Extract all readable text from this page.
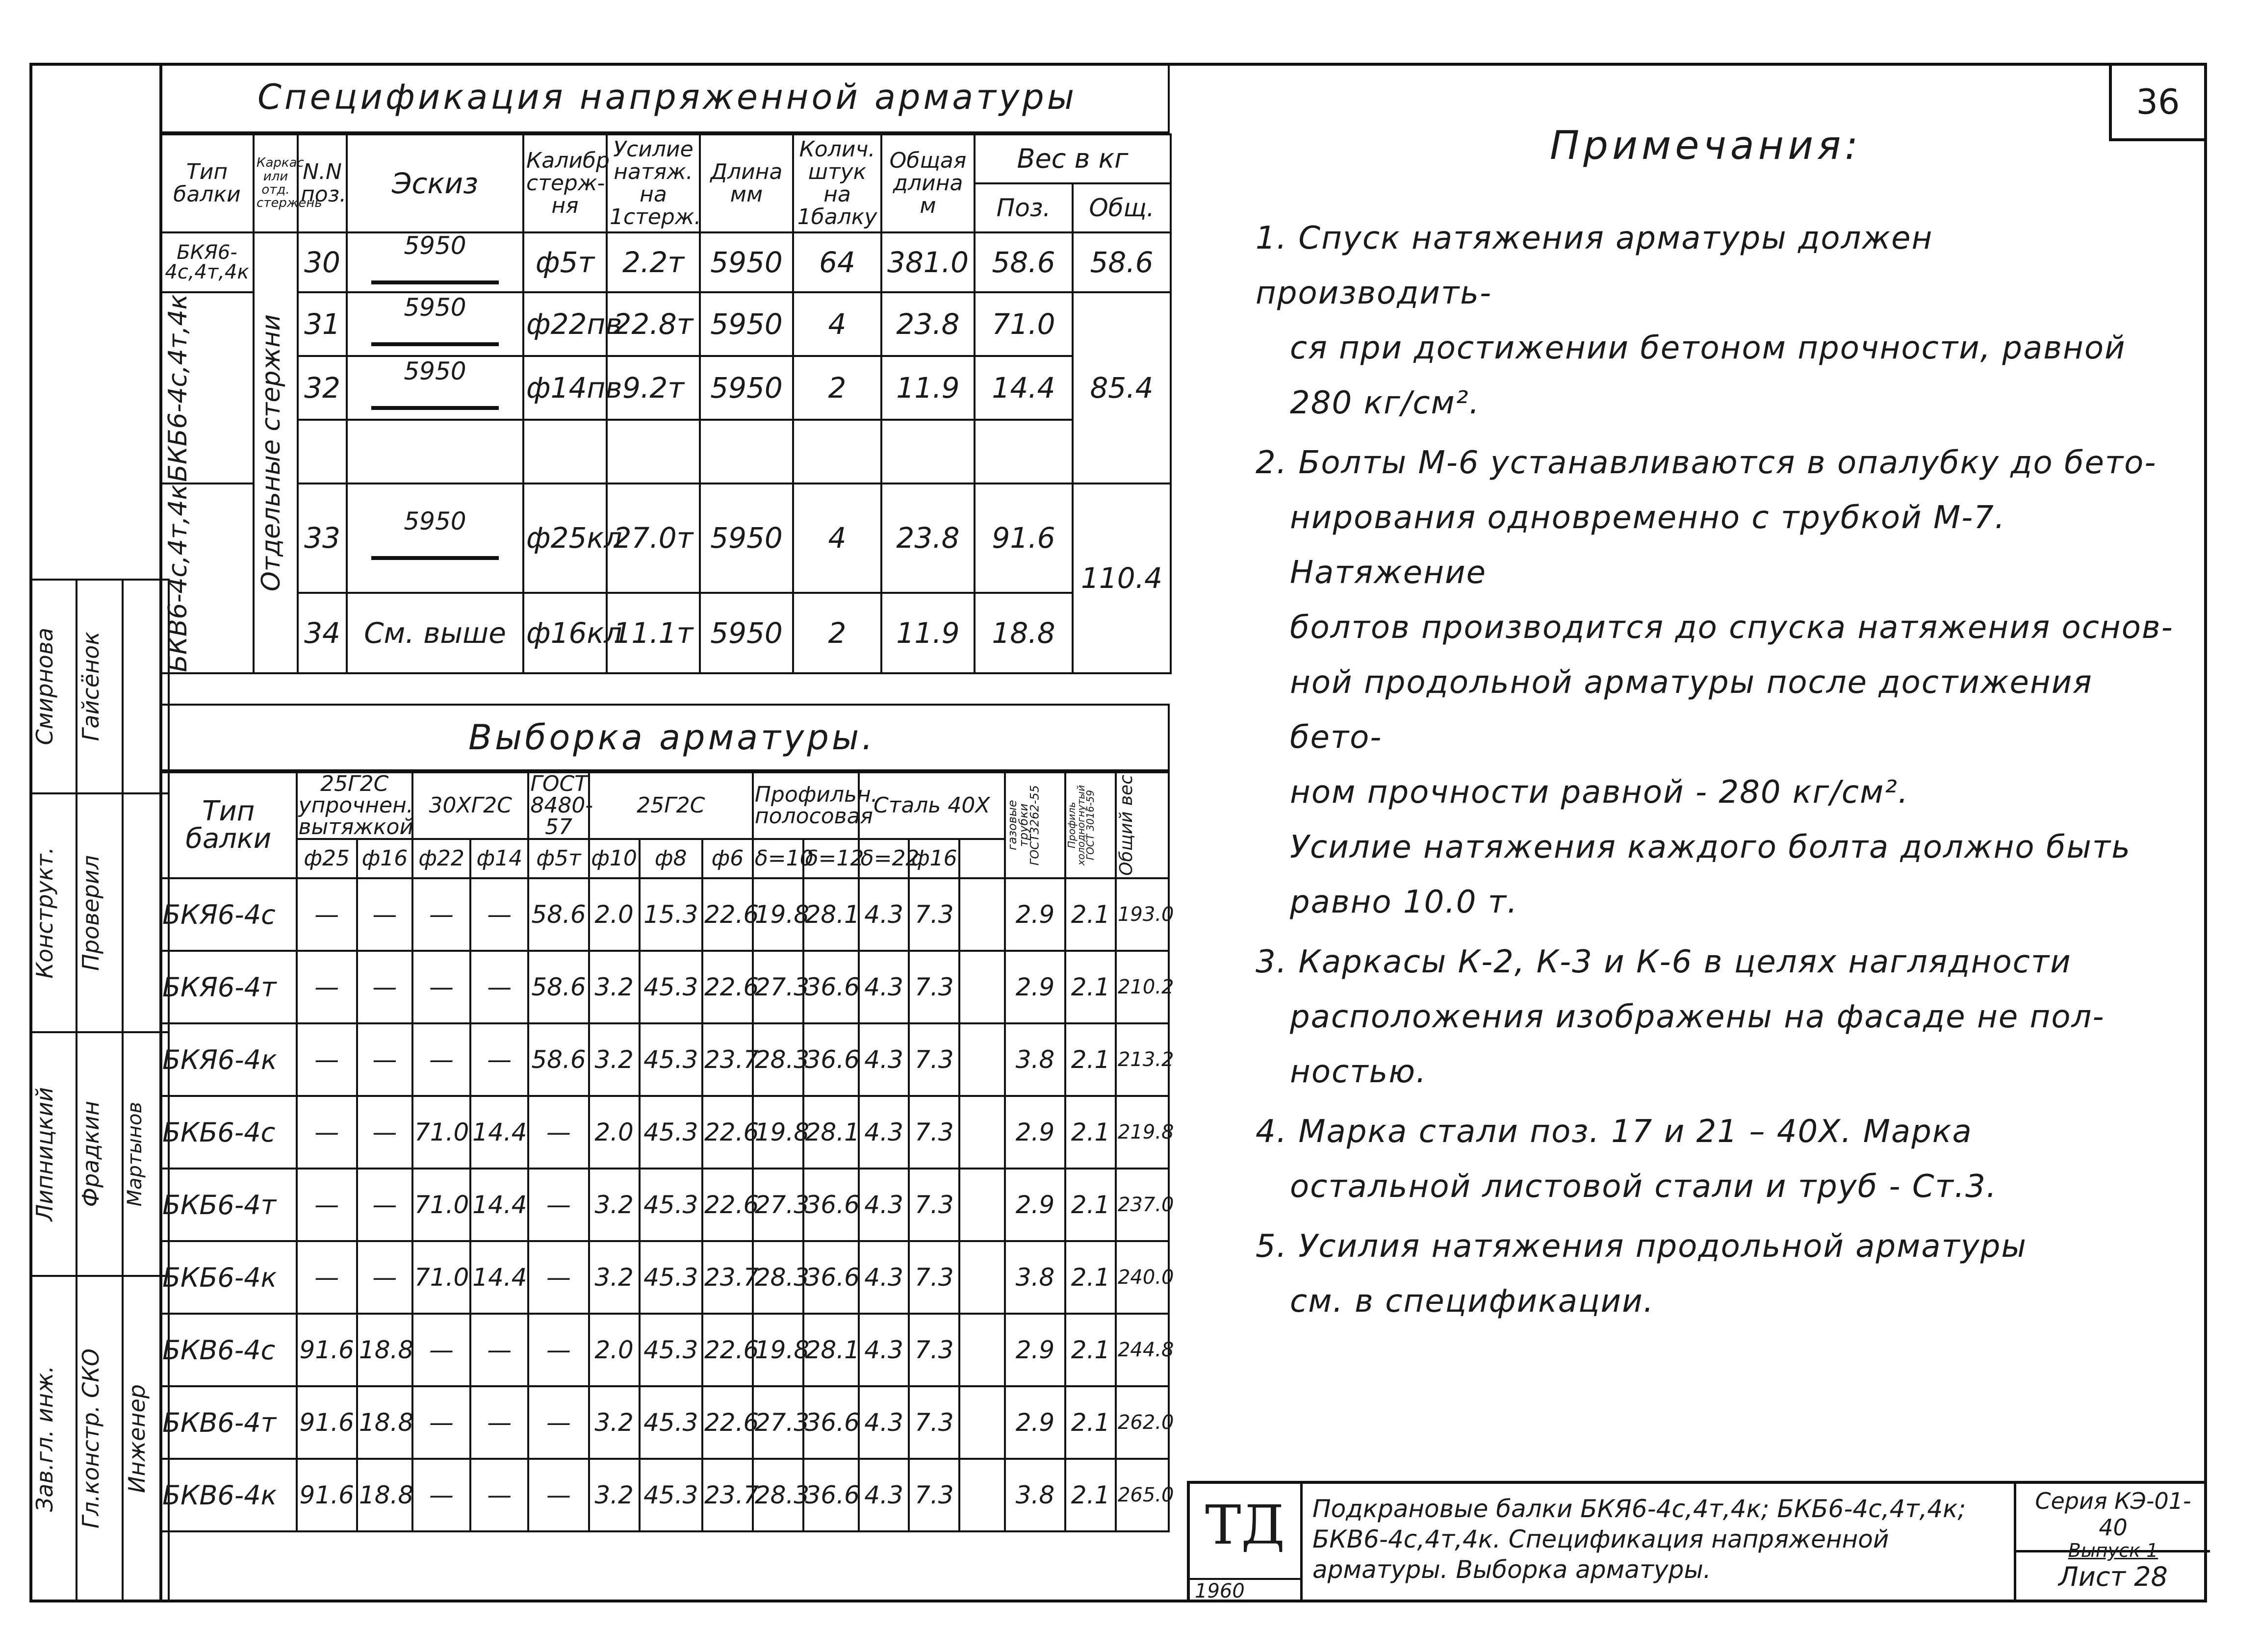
36
Смирнова	Гайсёнок	

Конструкт.	Проверил	

Липницкий	Фрадкин	Мартынов

Зав.гл. инж.	Гл.констр. СКО	Инженер
Спецификация напряженной арматуры
Тип балки	Каркас или отд. стержень	N.N поз.	Эскиз	Калибр стерж-ня	Усилие натяж. на 1стерж.	Длина мм	Колич. штук на 1балку	Общая длина м	Вес в кг	
									Поз.	Общ.
БКЯ6-4с,4т,4к	Отдельные стержни	30	5950	ф5т	2.2т	5950	64	381.0	58.6	58.6

БКБ6-4с,4т,4к		31	5950	ф22пв	22.8т	5950	4	23.8	71.0	85.4
		32	5950	ф14пв	9.2т	5950	2	11.9	14.4	

БКВ6-4с,4т,4к		33	5950	ф25кл	27.0т	5950	4	23.8	91.6	110.4
		34	См. выше	ф16кл	11.1т	5950	2	11.9	18.8	
Выборка арматуры.
Тип балки	25Г2С упрочнен. вытяжкой		30ХГ2С		ГОСТ 8480-57	25Г2С			Профильн. полосовая		Сталь 40Х			газовые трубки ГОСТ3262-55	Профиль холодногнутый ГОСТ 3016-59	Общий вес

	ф25	ф16	ф22	ф14	ф5т	ф10	ф8	ф6	δ=10	δ=12	δ=22	ф16				
БКЯ6-4с	—	—	—	—	58.6	2.0	15.3	22.6	19.8	28.1	4.3	7.3		2.9	2.1	193.0
БКЯ6-4т	—	—	—	—	58.6	3.2	45.3	22.6	27.3	36.6	4.3	7.3		2.9	2.1	210.2
БКЯ6-4к	—	—	—	—	58.6	3.2	45.3	23.7	28.3	36.6	4.3	7.3		3.8	2.1	213.2
БКБ6-4с	—	—	71.0	14.4	—	2.0	45.3	22.6	19.8	28.1	4.3	7.3		2.9	2.1	219.8
БКБ6-4т	—	—	71.0	14.4	—	3.2	45.3	22.6	27.3	36.6	4.3	7.3		2.9	2.1	237.0
БКБ6-4к	—	—	71.0	14.4	—	3.2	45.3	23.7	28.3	36.6	4.3	7.3		3.8	2.1	240.0
БКВ6-4с	91.6	18.8	—	—	—	2.0	45.3	22.6	19.8	28.1	4.3	7.3		2.9	2.1	244.8
БКВ6-4т	91.6	18.8	—	—	—	3.2	45.3	22.6	27.3	36.6	4.3	7.3		2.9	2.1	262.0
БКВ6-4к	91.6	18.8	—	—	—	3.2	45.3	23.7	28.3	36.6	4.3	7.3		3.8	2.1	265.0
Примечания:

1. Спуск натяжения арматуры должен производить-

ся при достижении бетоном прочности, равной

280 кг/см².

2. Болты М-6 устанавливаются в опалубку до бето-

нирования одновременно с трубкой М-7. Натяжение

болтов производится до спуска натяжения основ-

ной продольной арматуры после достижения бето-

ном прочности равной - 280 кг/см².

Усилие натяжения каждого болта должно быть

равно 10.0 т.

3. Каркасы К-2, К-3 и К-6 в целях наглядности

расположения изображены на фасаде не пол-

ностью.

4. Марка стали поз. 17 и 21 – 40Х. Марка

остальной листовой стали и труб - Ст.3.

5. Усилия натяжения продольной арматуры

см. в спецификации.

ТД
1960
Подкрановые балки БКЯ6-4с,4т,4к; БКБ6-4с,4т,4к; БКВ6-4с,4т,4к. Спецификация напряженной арматуры. Выборка арматуры.
Серия КЭ-01-40
Выпуск 1
Лист 28
